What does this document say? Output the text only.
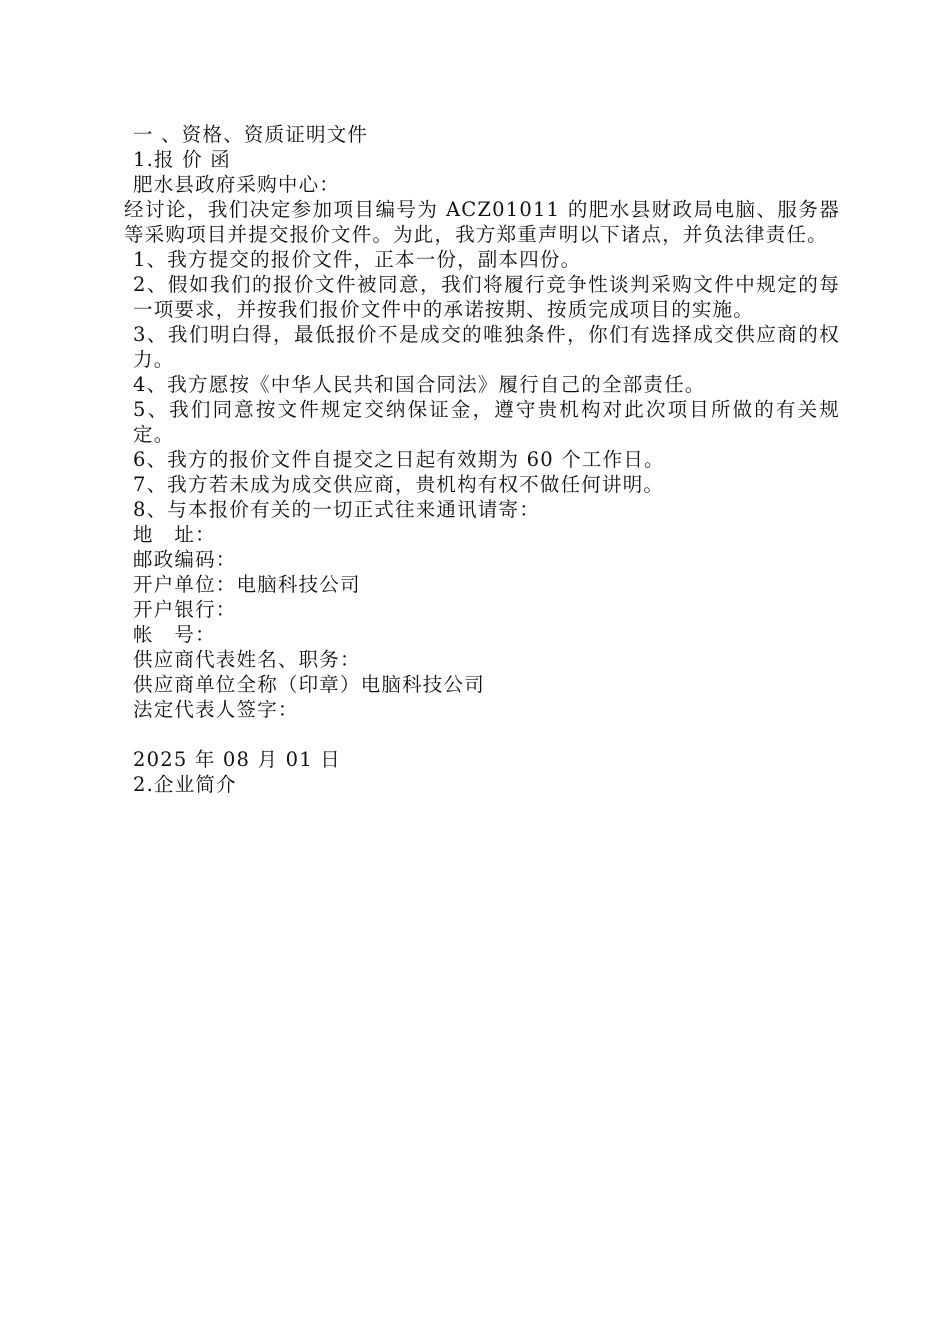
一 、资格、资质证明文件
1.报 价 函
肥水县政府采购中心：
经讨论，我们决定参加项目编号为 ACZ01011 的肥水县财政局电脑、服务器等采购项目并提交报价文件。为此，我方郑重声明以下诸点，并负法律责任。
1、我方提交的报价文件，正本一份，副本四份。
2、假如我们的报价文件被同意，我们将履行竞争性谈判采购文件中规定的每一项要求，并按我们报价文件中的承诺按期、按质完成项目的实施。
3、我们明白得，最低报价不是成交的唯独条件，你们有选择成交供应商的权力。
4、我方愿按《中华人民共和国合同法》履行自己的全部责任。
5、我们同意按文件规定交纳保证金，遵守贵机构对此次项目所做的有关规定。
6、我方的报价文件自提交之日起有效期为 60 个工作日。
7、我方若未成为成交供应商，贵机构有权不做任何讲明。
8、与本报价有关的一切正式往来通讯请寄：
地　址：
邮政编码：
开户单位：电脑科技公司
开户银行：
帐　号：
供应商代表姓名、职务：
供应商单位全称（印章）电脑科技公司
法定代表人签字：
2025 年 08 月 01 日
2.企业简介
